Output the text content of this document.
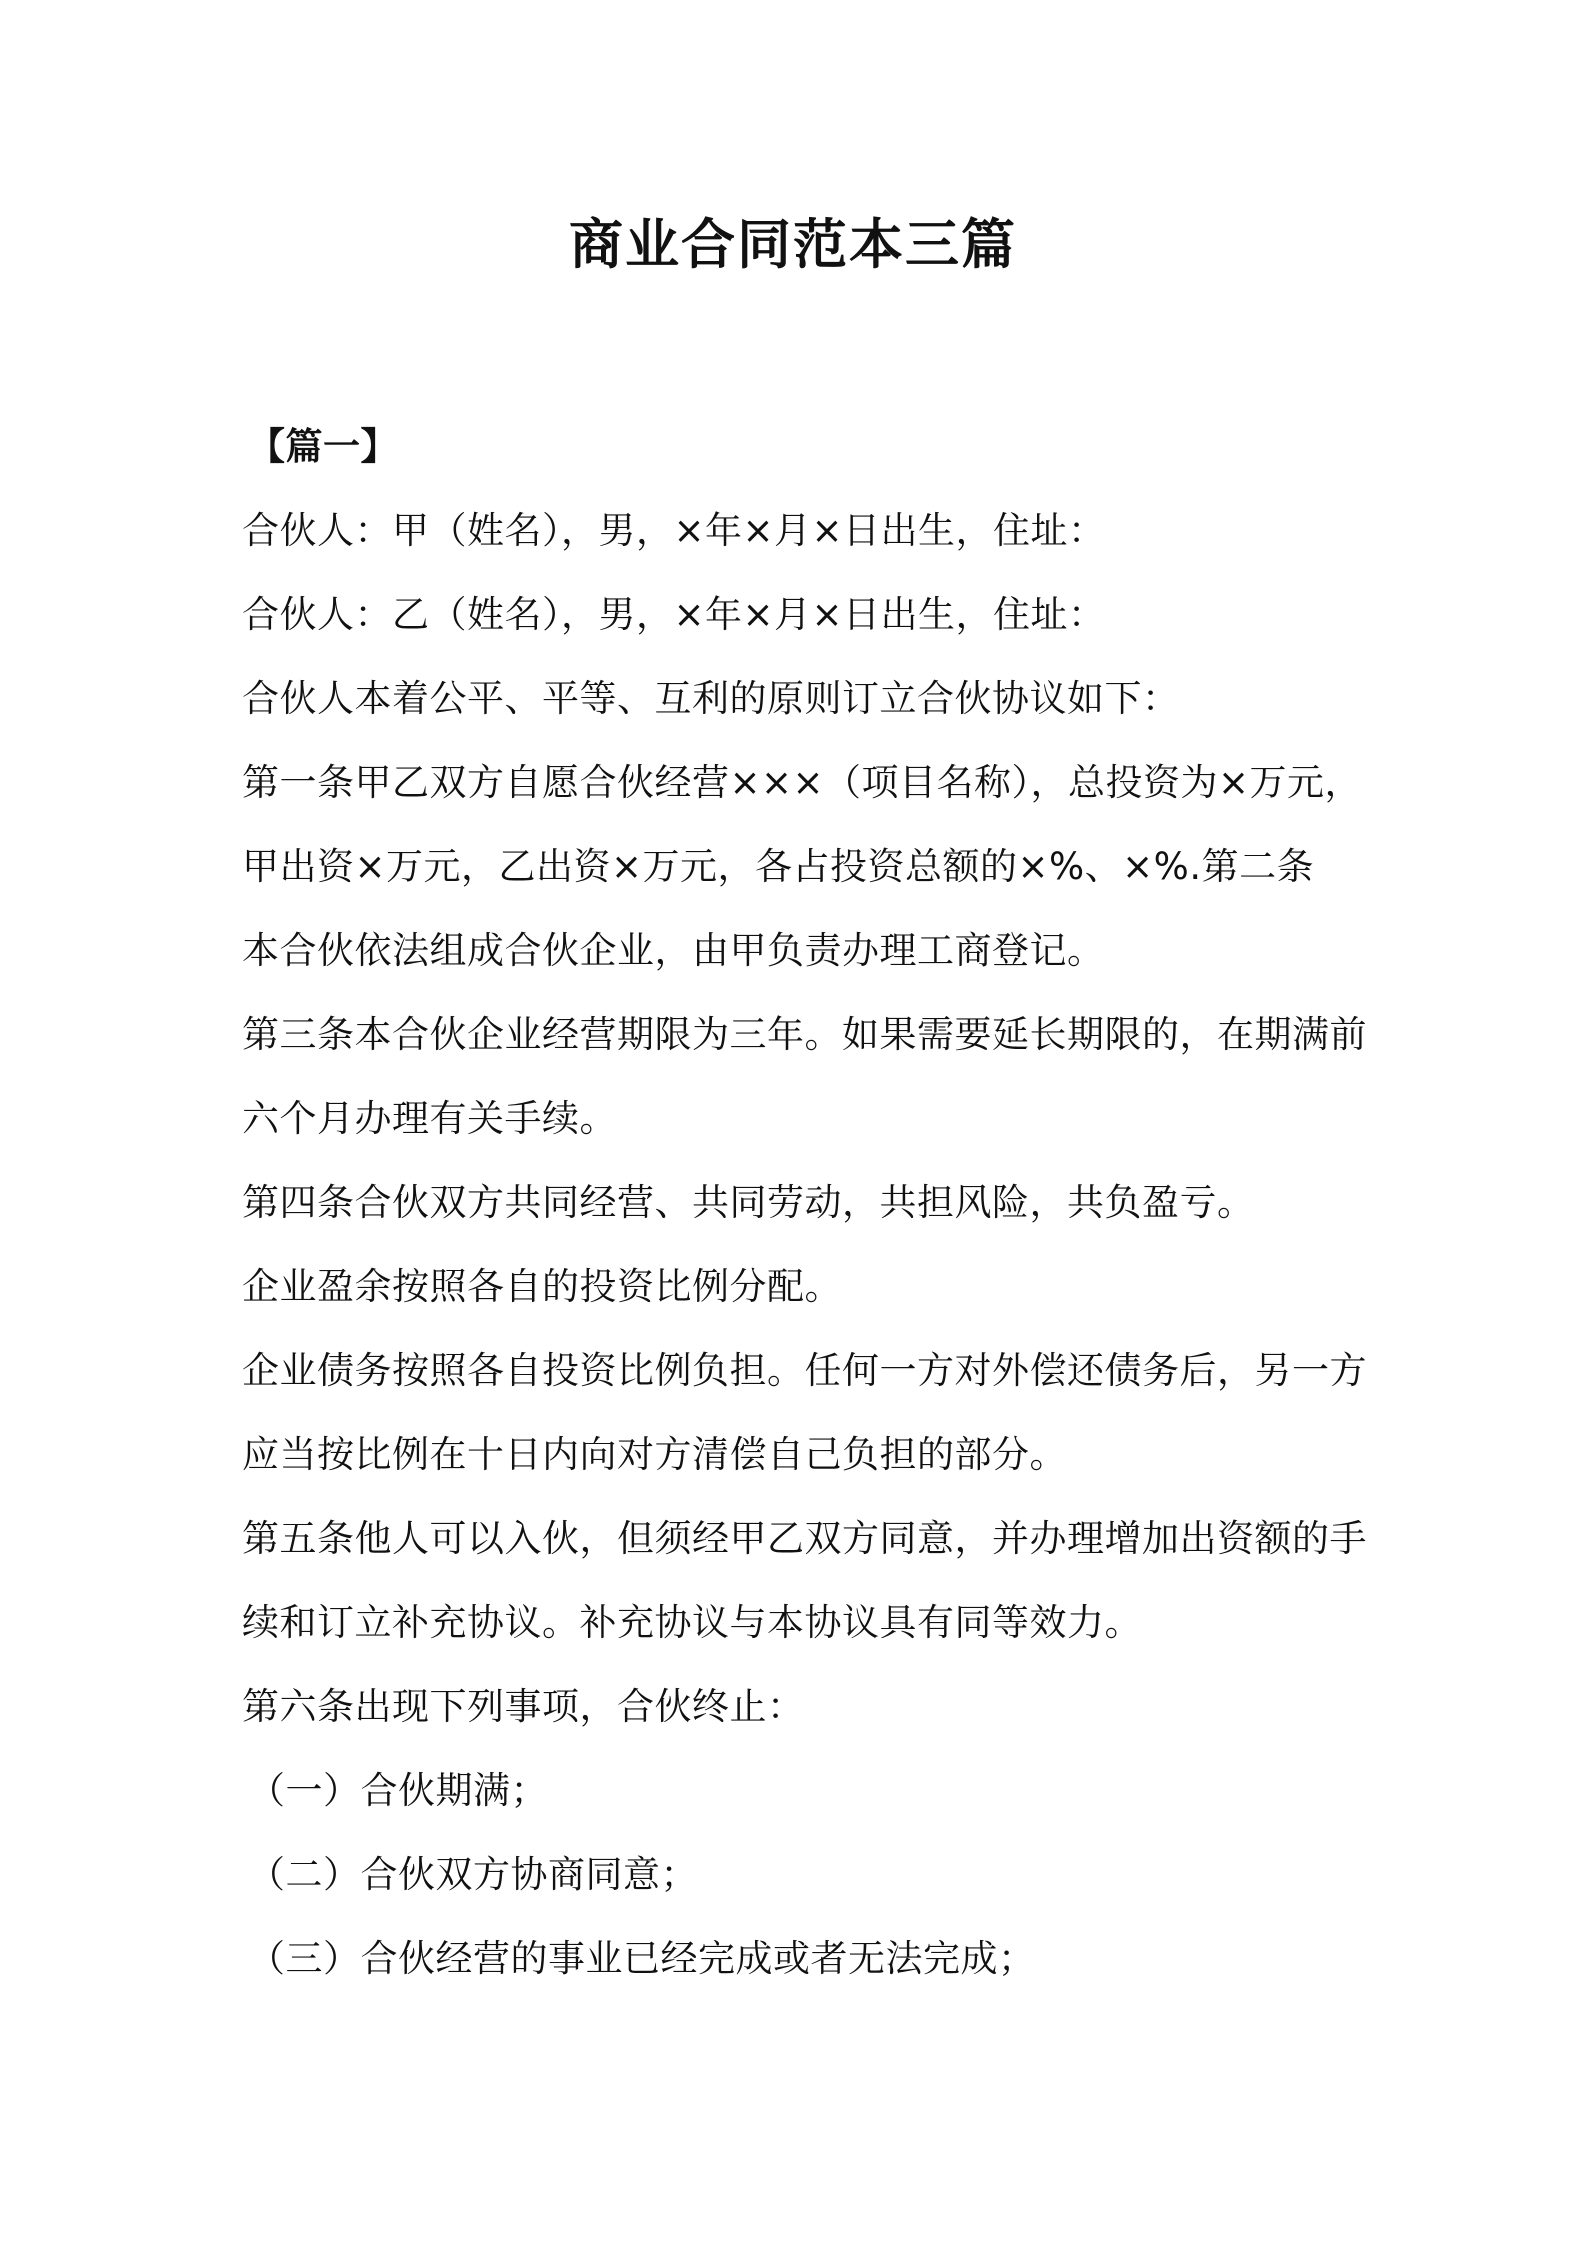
商业合同范本三篇
【篇一】
合伙人：甲（姓名），男，×年×月×日出生，住址：
合伙人：乙（姓名），男，×年×月×日出生，住址：
合伙人本着公平、平等、互利的原则订立合伙协议如下：
第一条甲乙双方自愿合伙经营×××（项目名称），总投资为×万元，
甲出资×万元，乙出资×万元，各占投资总额的×%、×%.第二条
本合伙依法组成合伙企业，由甲负责办理工商登记。
第三条本合伙企业经营期限为三年。如果需要延长期限的，在期满前
六个月办理有关手续。
第四条合伙双方共同经营、共同劳动，共担风险，共负盈亏。
企业盈余按照各自的投资比例分配。
企业债务按照各自投资比例负担。任何一方对外偿还债务后，另一方
应当按比例在十日内向对方清偿自己负担的部分。
第五条他人可以入伙，但须经甲乙双方同意，并办理增加出资额的手
续和订立补充协议。补充协议与本协议具有同等效力。
第六条出现下列事项，合伙终止：
（一）合伙期满；
（二）合伙双方协商同意；
（三）合伙经营的事业已经完成或者无法完成；
